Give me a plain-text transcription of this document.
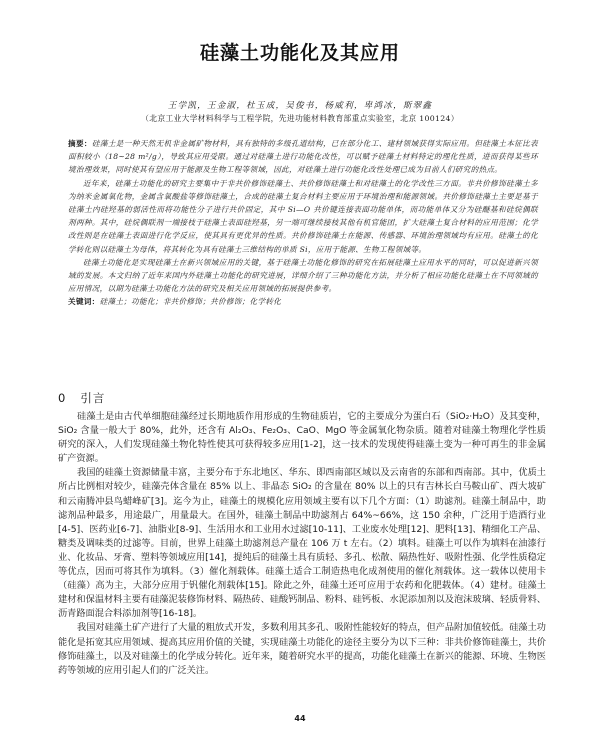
硅藻土功能化及其应用
王学凯，王金淑，杜玉成，吴俊书，杨威利，卑鸿冰，斯翠鑫
（北京工业大学材料科学与工程学院，先进功能材料教育部重点实验室，北京 100124）

摘要：硅藻土是一种天然无机非金属矿物材料，具有独特的多级孔道结构，已在部分化工、建材领域获得实际应用。但硅藻土本征比表面积较小（18~28 m²/g），导致其应用受限。通过对硅藻土进行功能化改性，可以赋予硅藻土材料特定的理化性质，进而获得某些环境治理效果，同时使其有望应用于能源及生物工程等领域，因此，对硅藻土进行功能化改性处理已成为目前人们研究的热点。

近年来，硅藻土功能化的研究主要集中于非共价修饰硅藻土、共价修饰硅藻土和对硅藻土的化学改性三方面。非共价修饰硅藻土多为纳米金属氧化物，金属含氧酸盐等修饰硅藻土，合成的硅藻土复合材料主要应用于环境治理和能源领域。共价修饰硅藻土主要是基于硅藻土内硅羟基的弱活性而将功能性分子进行共价固定，其中 Si—O 共价键连接表面功能单体，而功能单体又分为硅醚基和硅烷偶联剂两种。其中，硅烷偶联剂一端接枝于硅藻土表面硅羟基，另一端可继续接枝其他有机官能团，扩大硅藻土复合材料的应用范围；化学改性则是在硅藻土表面进行化学反应，使其具有更优异的性质。共价修饰硅藻土在能源、传感器、环境治理领域均有应用。硅藻土的化学转化则以硅藻土为母体，将其转化为具有硅藻土三维结构的单质 Si，应用于能源、生物工程领域等。

硅藻土功能化是实现硅藻土在新兴领域应用的关键，基于硅藻土功能化修饰的研究在拓展硅藻土应用水平的同时，可以促进新兴领域的发展。本文归纳了近年来国内外硅藻土功能化的研究进展，详细介绍了三种功能化方法，并分析了相应功能化硅藻土在不同领域的应用情况，以期为硅藻土功能化方法的研究及相关应用领域的拓展提供参考。

关键词：硅藻土；功能化；非共价修饰；共价修饰；化学转化

0 引言

硅藻土是由古代单细胞硅藻经过长期地质作用形成的生物硅质岩，它的主要成分为蛋白石（SiO₂·H₂O）及其变种，SiO₂ 含量一般大于 80%，此外，还含有 Al₂O₃、Fe₂O₃、CaO、MgO 等金属氧化物杂质。随着对硅藻土物理化学性质研究的深入，人们发现硅藻土物化特性使其可获得较多应用[1-2]，这一技术的发现使得硅藻土变为一种可再生的非金属矿产资源。

我国的硅藻土资源储量丰富，主要分布于东北地区、华东、即西南部区域以及云南省的东部和西南部。其中，优质土所占比例相对较少，硅藻壳体含量在 85% 以上、非晶态 SiO₂ 的含量在 80% 以上的只有吉林长白马鞍山矿、西大坡矿和云南腾冲县鸟蜡峰矿[3]。迄今为止，硅藻土的规模化应用领域主要有以下几个方面：（1）助滤剂。硅藻土制品中，助滤剂品种最多，用途最广，用量最大。在国外，硅藻土制品中助滤剂占 64%~66%，这 150 余种，广泛用于造酒行业[4-5]、医药业[6-7]、油脂业[8-9]、生活用水和工业用水过滤[10-11]、工业废水处理[12]、肥料[13]、精细化工产品、糖类及调味类的过滤等。目前，世界上硅藻土助滤剂总产量在 106 万 t 左右。（2）填料。硅藻土可以作为填料在油漆行业、化妆品、牙膏、塑料等领域应用[14]，提纯后的硅藻土具有质轻、多孔、松散、隔热性好、吸附性强、化学性质稳定等优点，因而可将其作为填料。（3）催化剂载体。硅藻土适合工制造热电化成剂使用的催化剂载体。这一载体以使用卡（硅藻）高为主，大部分应用于钒催化剂载体[15]。除此之外，硅藻土还可应用于农药和化肥载体。（4）建材。硅藻土建材和保温材料主要有硅藻泥装修饰材料、隔热砖、硅酸钙制品、粉料、硅钙板、水泥添加剂以及泡沫玻璃、轻质骨料、沥青路面混合料添加剂等[16-18]。

我国对硅藻土矿产进行了大量的粗放式开发，多数利用其多孔、吸附性能较好的特点，但产品附加值较低。硅藻土功能化是拓宽其应用领域、提高其应用价值的关键，实现硅藻土功能化的途径主要分为以下三种：非共价修饰硅藻土，共价修饰硅藻土，以及对硅藻土的化学成分转化。近年来，随着研究水平的提高，功能化硅藻土在新兴的能源、环境、生物医药等领域的应用引起人们的广泛关注。

44
